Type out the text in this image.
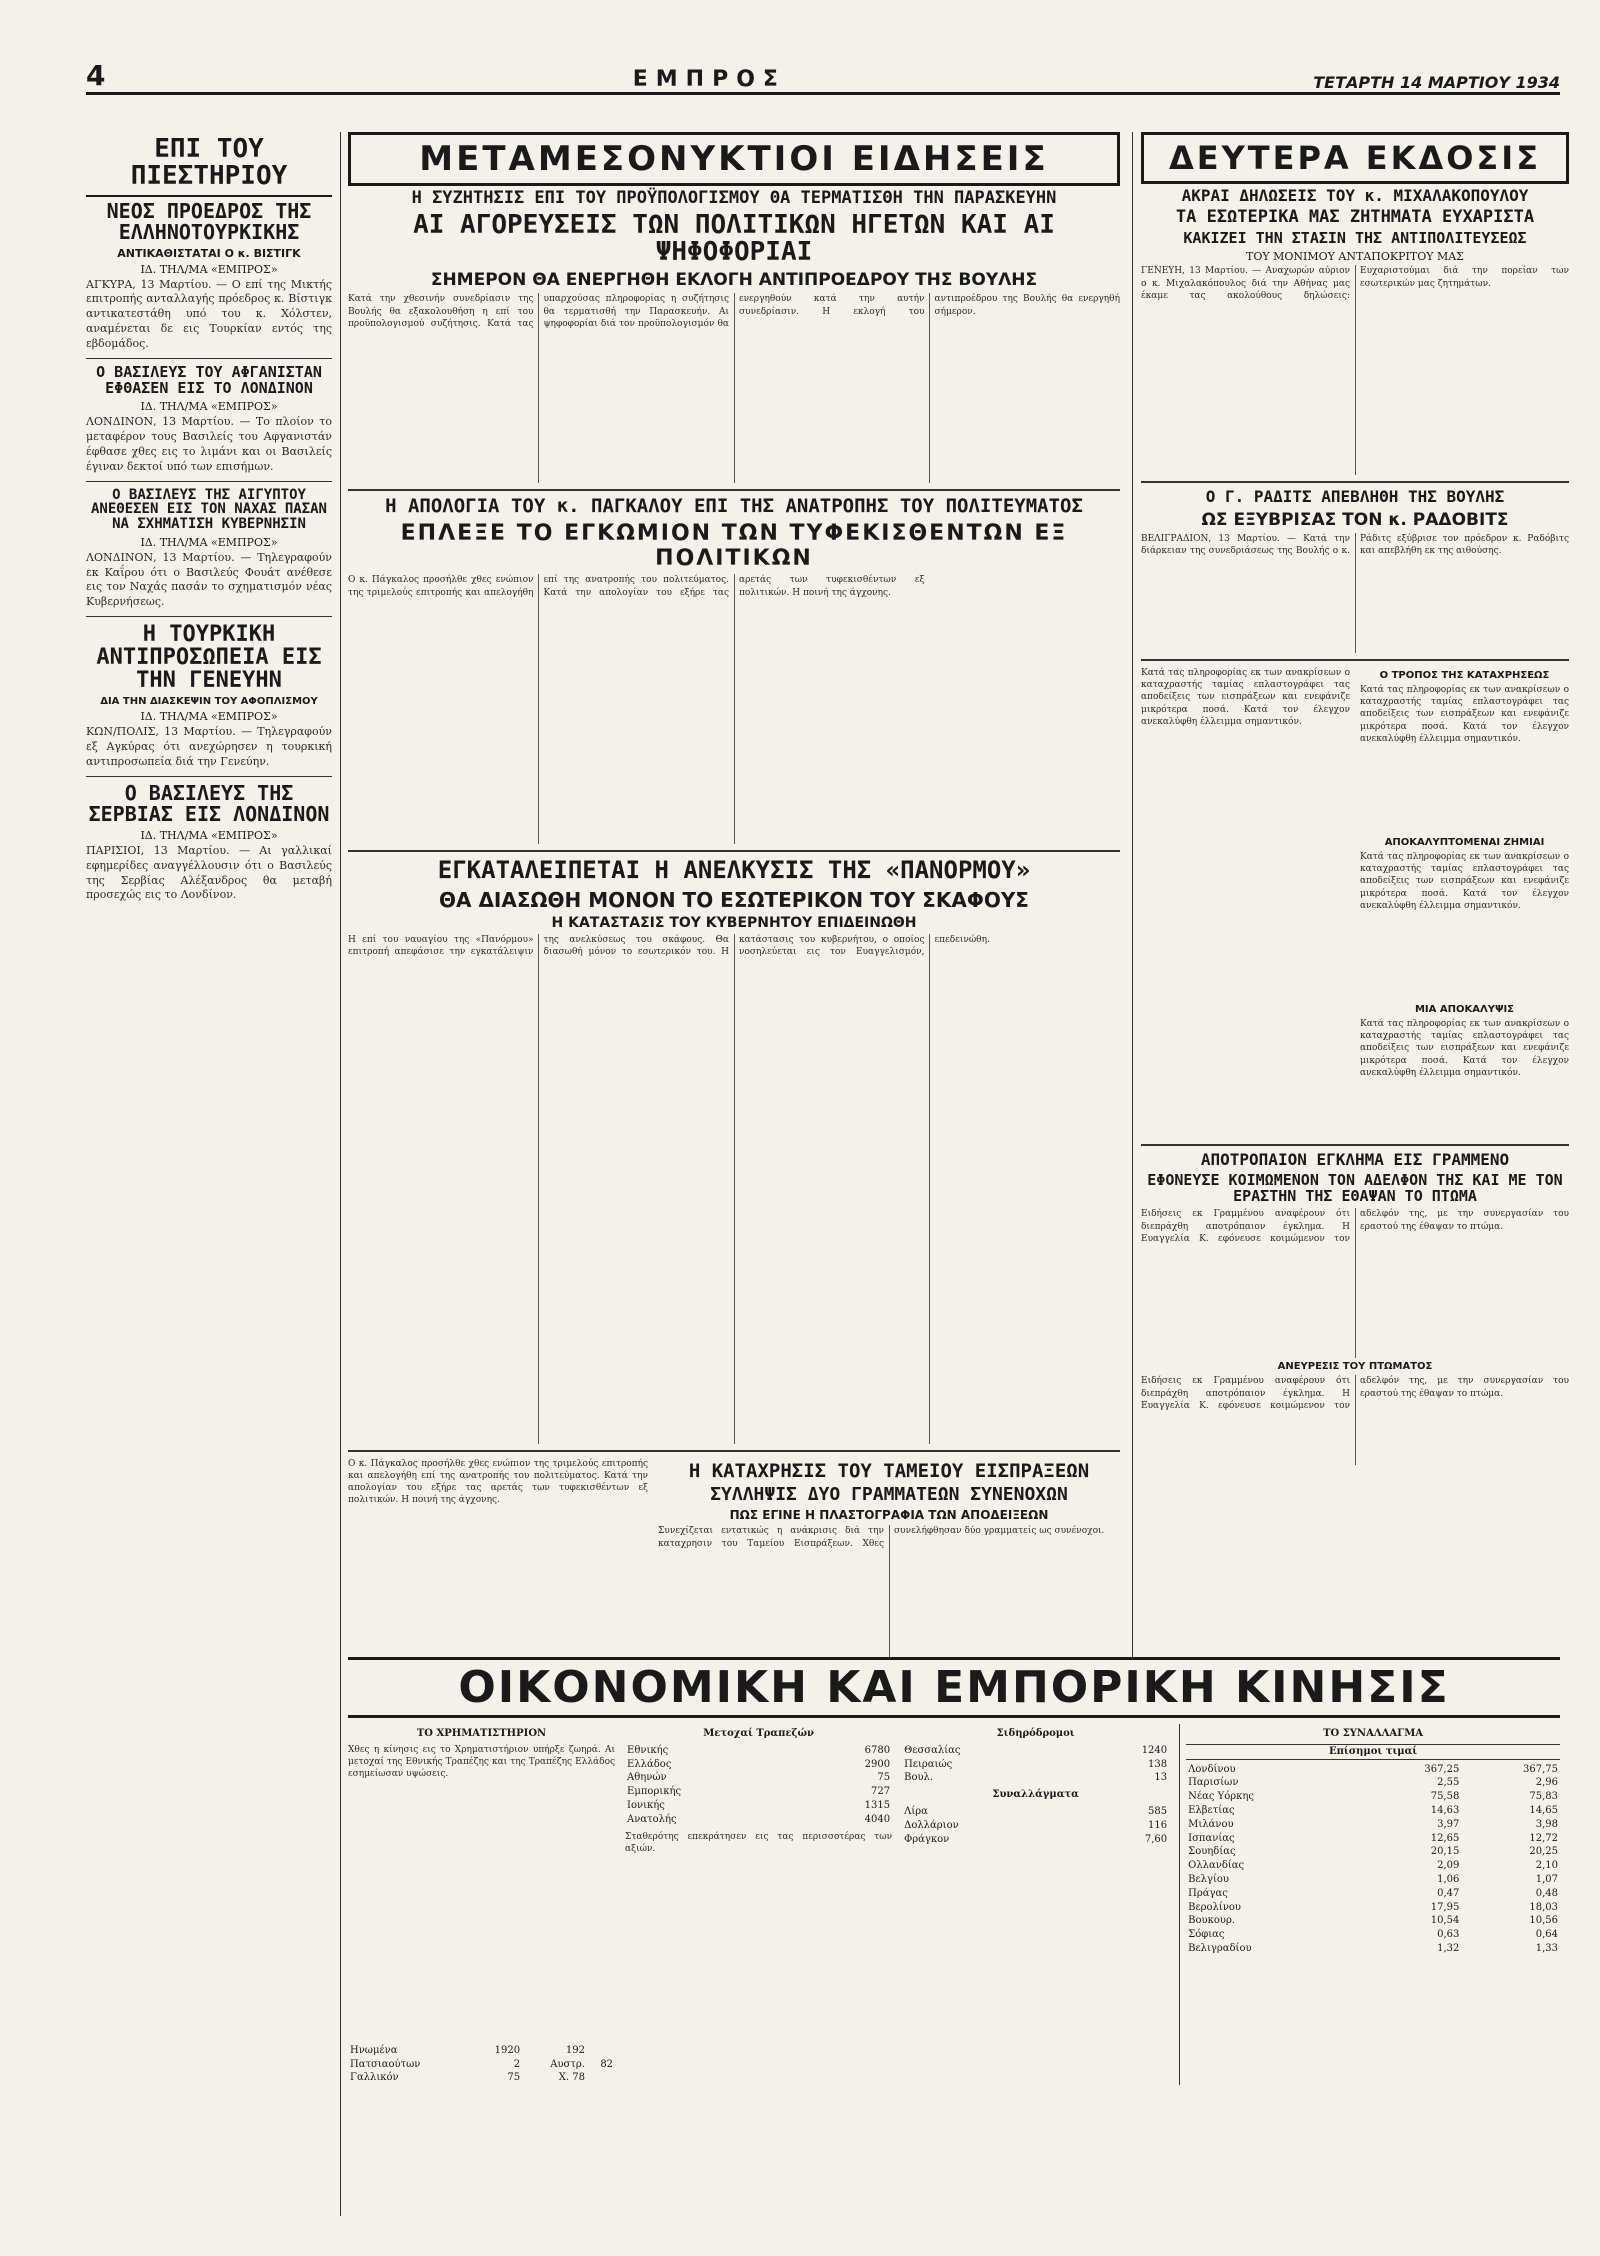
4	ΕΜΠΡΟΣ	ΤΕΤΑΡΤΗ 14 ΜΑΡΤΙΟΥ 1934
ΕΠΙ ΤΟΥ ΠΙΕΣΤΗΡΙΟΥ
ΝΕΟΣ ΠΡΟΕΔΡΟΣ ΤΗΣ ΕΛΛΗΝΟΤΟΥΡΚΙΚΗΣ
ΑΝΤΙΚΑΘΙΣΤΑΤΑΙ Ο κ. ΒΙΣΤΙΓΚ
ΙΔ. ΤΗΛ/ΜΑ «ΕΜΠΡΟΣ»
ΑΓΚΥΡΑ, 13 Μαρτίου. — Ο επί της Μικτής επιτροπής ανταλλαγής πρόεδρος κ. Βίστιγκ αντικατεστάθη υπό του κ. Χόλστεν, αναμένεται δε εις Τουρκίαν εντός της εβδομάδος.
Ο ΒΑΣΙΛΕΥΣ ΤΟΥ ΑΦΓΑΝΙΣΤΑΝ ΕΦΘΑΣΕΝ ΕΙΣ ΤΟ ΛΟΝΔΙΝΟΝ
ΙΔ. ΤΗΛ/ΜΑ «ΕΜΠΡΟΣ»
ΛΟΝΔΙΝΟΝ, 13 Μαρτίου. — Το πλοίον το μεταφέρον τους Βασιλείς του Αφγανιστάν έφθασε χθες εις το λιμάνι και οι Βασιλείς έγιναν δεκτοί υπό των επισήμων.
Ο ΒΑΣΙΛΕΥΣ ΤΗΣ ΑΙΓΥΠΤΟΥ ΑΝΕΘΕΣΕΝ ΕΙΣ ΤΟΝ ΝΑΧΑΣ ΠΑΣΑΝ ΝΑ ΣΧΗΜΑΤΙΣΗ ΚΥΒΕΡΝΗΣΙΝ
ΙΔ. ΤΗΛ/ΜΑ «ΕΜΠΡΟΣ»
ΛΟΝΔΙΝΟΝ, 13 Μαρτίου. — Τηλεγραφούν εκ Καΐρου ότι ο Βασιλεύς Φουάτ ανέθεσε εις τον Ναχάς πασάν το σχηματισμόν νέας Κυβερνήσεως.
Η ΤΟΥΡΚΙΚΗ ΑΝΤΙΠΡΟΣΩΠΕΙΑ ΕΙΣ ΤΗΝ ΓΕΝΕΥΗΝ
ΔΙΑ ΤΗΝ ΔΙΑΣΚΕΨΙΝ ΤΟΥ ΑΦΟΠΛΙΣΜΟΥ
ΙΔ. ΤΗΛ/ΜΑ «ΕΜΠΡΟΣ»
ΚΩΝ/ΠΟΛΙΣ, 13 Μαρτίου. — Τηλεγραφούν εξ Αγκύρας ότι ανεχώρησεν η τουρκική αντιπροσωπεία διά την Γενεύην.
Ο ΒΑΣΙΛΕΥΣ ΤΗΣ ΣΕΡΒΙΑΣ ΕΙΣ ΛΟΝΔΙΝΟΝ
ΙΔ. ΤΗΛ/ΜΑ «ΕΜΠΡΟΣ»
ΠΑΡΙΣΙΟΙ, 13 Μαρτίου. — Αι γαλλικαί εφημερίδες αναγγέλλουσιν ότι ο Βασιλεύς της Σερβίας Αλέξανδρος θα μεταβή προσεχώς εις το Λονδίνον.
ΜΕΤΑΜΕΣΟΝΥΚΤΙΟΙ ΕΙΔΗΣΕΙΣ
Η ΣΥΖΗΤΗΣΙΣ ΕΠΙ ΤΟΥ ΠΡΟΫΠΟΛΟΓΙΣΜΟΥ ΘΑ ΤΕΡΜΑΤΙΣΘΗ ΤΗΝ ΠΑΡΑΣΚΕΥΗΝ
ΑΙ ΑΓΟΡΕΥΣΕΙΣ ΤΩΝ ΠΟΛΙΤΙΚΩΝ ΗΓΕΤΩΝ ΚΑΙ ΑΙ ΨΗΦΟΦΟΡΙΑΙ
ΣΗΜΕΡΟΝ ΘΑ ΕΝΕΡΓΗΘΗ ΕΚΛΟΓΗ ΑΝΤΙΠΡΟΕΔΡΟΥ ΤΗΣ ΒΟΥΛΗΣ
Κατά την χθεσινήν συνεδρίασιν της Βουλής θα εξακολουθήση η επί του προϋπολογισμού συζήτησις. Κατά τας υπαρχούσας πληροφορίας η συζήτησις θα τερματισθή την Παρασκευήν. Αι ψηφοφορίαι διά τον προϋπολογισμόν θα ενεργηθούν κατά την αυτήν συνεδρίασιν. Η εκλογή του αντιπροέδρου της Βουλής θα ενεργηθή σήμερον.
Η ΑΠΟΛΟΓΙΑ ΤΟΥ κ. ΠΑΓΚΑΛΟΥ ΕΠΙ ΤΗΣ ΑΝΑΤΡΟΠΗΣ ΤΟΥ ΠΟΛΙΤΕΥΜΑΤΟΣ
ΕΠΛΕΞΕ ΤΟ ΕΓΚΩΜΙΟΝ ΤΩΝ ΤΥΦΕΚΙΣΘΕΝΤΩΝ ΕΞ ΠΟΛΙΤΙΚΩΝ
Ο κ. Πάγκαλος προσήλθε χθες ενώπιον της τριμελούς επιτροπής και απελογήθη επί της ανατροπής του πολιτεύματος. Κατά την απολογίαν του εξήρε τας αρετάς των τυφεκισθέντων εξ πολιτικών. Η ποινή της άγχονης.
ΕΓΚΑΤΑΛΕΙΠΕΤΑΙ Η ΑΝΕΛΚΥΣΙΣ ΤΗΣ «ΠΑΝΟΡΜΟΥ»
ΘΑ ΔΙΑΣΩΘΗ ΜΟΝΟΝ ΤΟ ΕΣΩΤΕΡΙΚΟΝ ΤΟΥ ΣΚΑΦΟΥΣ
Η ΚΑΤΑΣΤΑΣΙΣ ΤΟΥ ΚΥΒΕΡΝΗΤΟΥ ΕΠΙΔΕΙΝΩΘΗ
Η επί του ναυαγίου της «Πανόρμου» επιτροπή απεφάσισε την εγκατάλειψιν της ανελκύσεως του σκάφους. Θα διασωθή μόνον το εσωτερικόν του. Η κατάστασις του κυβερνήτου, ο οποίος νοσηλεύεται εις τον Ευαγγελισμόν, επεδεινώθη.
Ο κ. Πάγκαλος προσήλθε χθες ενώπιον της τριμελούς επιτροπής και απελογήθη επί της ανατροπής του πολιτεύματος. Κατά την απολογίαν του εξήρε τας αρετάς των τυφεκισθέντων εξ πολιτικών. Η ποινή της άγχονης.
Η ΚΑΤΑΧΡΗΣΙΣ ΤΟΥ ΤΑΜΕΙΟΥ ΕΙΣΠΡΑΞΕΩΝ
ΣΥΛΛΗΨΙΣ ΔΥΟ ΓΡΑΜΜΑΤΕΩΝ ΣΥΝΕΝΟΧΩΝ
ΠΩΣ ΕΓΙΝΕ Η ΠΛΑΣΤΟΓΡΑΦΙΑ ΤΩΝ ΑΠΟΔΕΙΞΕΩΝ
Συνεχίζεται εντατικώς η ανάκρισις διά την καταχρησιν του Ταμείου Εισπράξεων. Χθες συνελήφθησαν δύο γραμματείς ως συνένοχοι.
ΔΕΥΤΕΡΑ ΕΚΔΟΣΙΣ
ΑΚΡΑΙ ΔΗΛΩΣΕΙΣ ΤΟΥ κ. ΜΙΧΑΛΑΚΟΠΟΥΛΟΥ
ΤΑ ΕΣΩΤΕΡΙΚΑ ΜΑΣ ΖΗΤΗΜΑΤΑ ΕΥΧΑΡΙΣΤΑ
ΚΑΚΙΖΕΙ ΤΗΝ ΣΤΑΣΙΝ ΤΗΣ ΑΝΤΙΠΟΛΙΤΕΥΣΕΩΣ
ΤΟΥ ΜΟΝΙΜΟΥ ΑΝΤΑΠΟΚΡΙΤΟΥ ΜΑΣ
ΓΕΝΕΥΗ, 13 Μαρτίου. — Αναχωρών αύριον ο κ. Μιχαλακόπουλος διά την Αθήνας μας έκαμε τας ακολούθους δηλώσεις: Ευχαριστούμαι διά την πορείαν των εσωτερικών μας ζητημάτων.
Ο Γ. ΡΑΔΙΤΣ ΑΠΕΒΛΗΘΗ ΤΗΣ ΒΟΥΛΗΣ
ΩΣ ΕΞΥΒΡΙΣΑΣ ΤΟΝ κ. ΡΑΔΟΒΙΤΣ
ΒΕΛΙΓΡΑΔΙΟΝ, 13 Μαρτίου. — Κατά την διάρκειαν της συνεδριάσεως της Βουλής ο κ. Ράδιτς εξύβρισε τον πρόεδρον κ. Ραδόβιτς και απεβλήθη εκ της αιθούσης.
Κατά τας πληροφορίας εκ των ανακρίσεων ο καταχραστής ταμίας επλαστογράφει τας αποδείξεις των εισπράξεων και ενεφάνιζε μικρότερα ποσά. Κατά τον έλεγχον ανεκαλύφθη έλλειμμα σημαντικόν.
Ο ΤΡΟΠΟΣ ΤΗΣ ΚΑΤΑΧΡΗΣΕΩΣ
Κατά τας πληροφορίας εκ των ανακρίσεων ο καταχραστής ταμίας επλαστογράφει τας αποδείξεις των εισπράξεων και ενεφάνιζε μικρότερα ποσά. Κατά τον έλεγχον ανεκαλύφθη έλλειμμα σημαντικόν.
ΑΠΟΚΑΛΥΠΤΟΜΕΝΑΙ ΖΗΜΙΑΙ
Κατά τας πληροφορίας εκ των ανακρίσεων ο καταχραστής ταμίας επλαστογράφει τας αποδείξεις των εισπράξεων και ενεφάνιζε μικρότερα ποσά. Κατά τον έλεγχον ανεκαλύφθη έλλειμμα σημαντικόν.
ΜΙΑ ΑΠΟΚΑΛΥΨΙΣ
Κατά τας πληροφορίας εκ των ανακρίσεων ο καταχραστής ταμίας επλαστογράφει τας αποδείξεις των εισπράξεων και ενεφάνιζε μικρότερα ποσά. Κατά τον έλεγχον ανεκαλύφθη έλλειμμα σημαντικόν.
ΑΠΟΤΡΟΠΑΙΟΝ ΕΓΚΛΗΜΑ ΕΙΣ ΓΡΑΜΜΕΝΟ
ΕΦΟΝΕΥΣΕ ΚΟΙΜΩΜΕΝΟΝ ΤΟΝ ΑΔΕΛΦΟΝ ΤΗΣ ΚΑΙ ΜΕ ΤΟΝ ΕΡΑΣΤΗΝ ΤΗΣ ΕΘΑΨΑΝ ΤΟ ΠΤΩΜΑ
Ειδήσεις εκ Γραμμένου αναφέρουν ότι διεπράχθη αποτρόπαιον έγκλημα. Η Ευαγγελία Κ. εφόνευσε κοιμώμενον τον αδελφόν της, με την συνεργασίαν του εραστού της έθαψαν το πτώμα.
ΑΝΕΥΡΕΣΙΣ ΤΟΥ ΠΤΩΜΑΤΟΣ
Ειδήσεις εκ Γραμμένου αναφέρουν ότι διεπράχθη αποτρόπαιον έγκλημα. Η Ευαγγελία Κ. εφόνευσε κοιμώμενον τον αδελφόν της, με την συνεργασίαν του εραστού της έθαψαν το πτώμα.
ΟΙΚΟΝΟΜΙΚΗ ΚΑΙ ΕΜΠΟΡΙΚΗ ΚΙΝΗΣΙΣ
ΤΟ ΧΡΗΜΑΤΙΣΤΗΡΙΟΝ
Χθες η κίνησις εις το Χρηματιστήριον υπήρξε ζωηρά. Αι μετοχαί της Εθνικής Τραπέζης και της Τραπέζης Ελλάδος εσημείωσαν υψώσεις.
Ηνωμένα	1920	192	
Πατσιαούτων	2	Αυστρ.	82
Γαλλικόν	75	Χ. 78	
Μετοχαί Τραπεζών
Εθνικής	6780
Ελλάδος	2900
Αθηνών	75
Εμπορικής	727
Ιονικής	1315
Ανατολής	4040
Σταθερότης επεκράτησεν εις τας περισσοτέρας των αξιών.
Σιδηρόδρομοι
Θεσσαλίας	1240
Πειραιώς	138
Βουλ.	13
Συναλλάγματα
Λίρα	585
Δολλάριον	116
Φράγκον	7,60
ΤΟ ΣΥΝΑΛΛΑΓΜΑ
Επίσημοι τιμαί
Λονδίνου	367,25	367,75
Παρισίων	2,55	2,96
Νέας Υόρκης	75,58	75,83
Ελβετίας	14,63	14,65
Μιλάνου	3,97	3,98
Ισπανίας	12,65	12,72
Σουηδίας	20,15	20,25
Ολλανδίας	2,09	2,10
Βελγίου	1,06	1,07
Πράγας	0,47	0,48
Βερολίνου	17,95	18,03
Βουκουρ.	10,54	10,56
Σόφιας	0,63	0,64
Βελιγραδίου	1,32	1,33
